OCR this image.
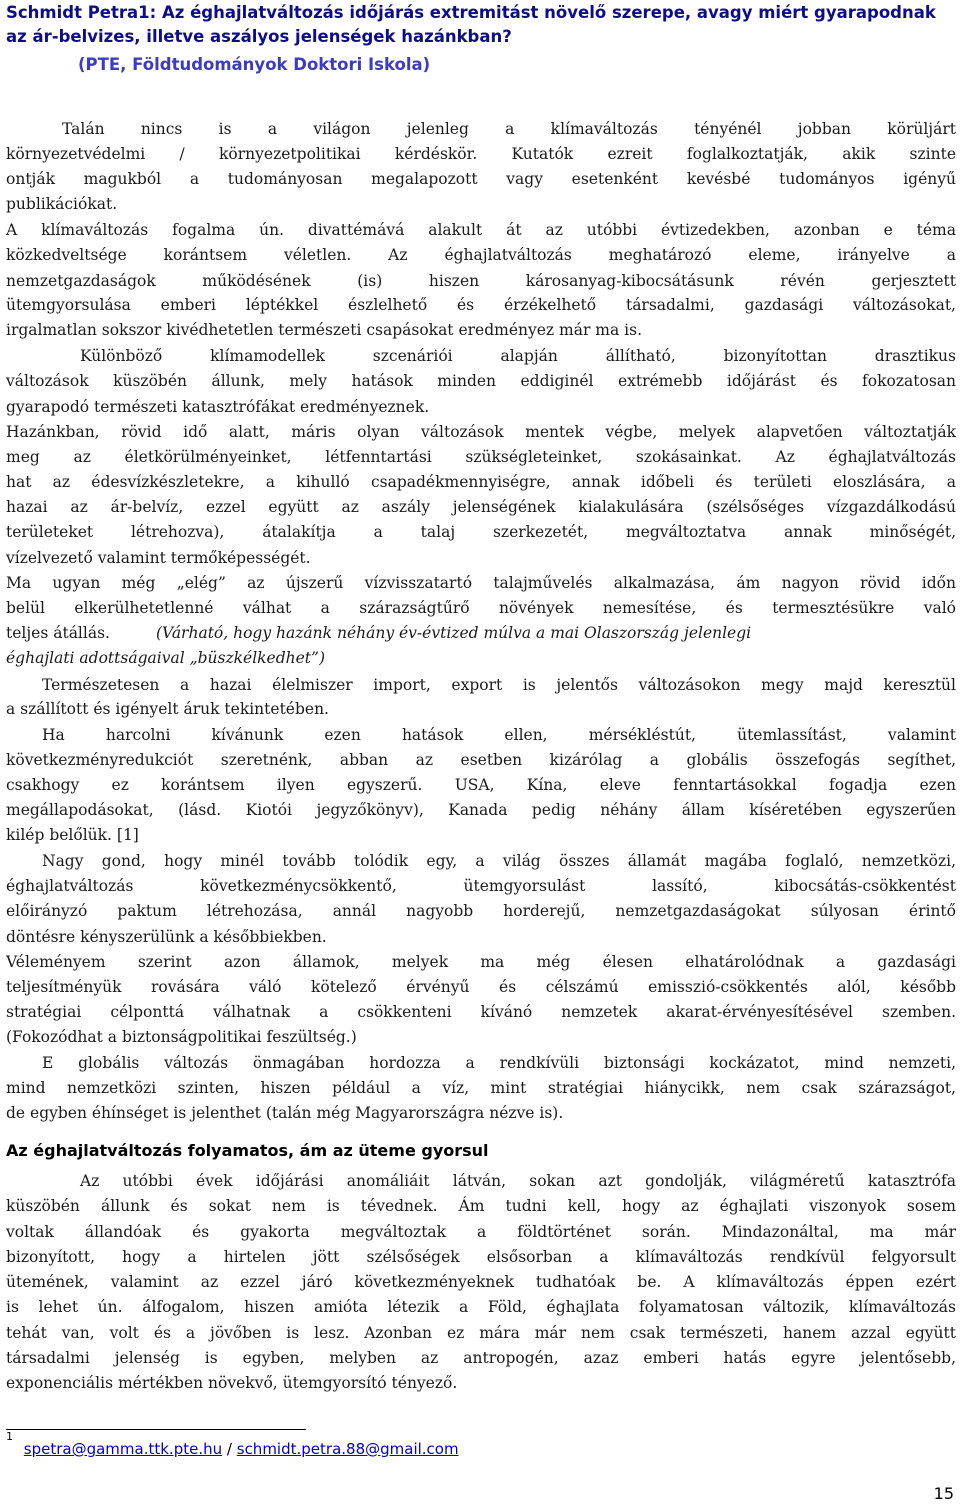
Schmidt Petra1: Az éghajlatváltozás időjárás extremitást növelő szerepe, avagy miért gyarapodnak
az ár-belvizes, illetve aszályos jelenségek hazánkban?
(PTE, Földtudományok Doktori Iskola)
Talán nincs is a világon jelenleg a klímaváltozás tényénél jobban körüljárt
környezetvédelmi / környezetpolitikai kérdéskör. Kutatók ezreit foglalkoztatják, akik szinte
ontják magukból a tudományosan megalapozott vagy esetenként kevésbé tudományos igényű
publikációkat.
A klímaváltozás fogalma ún. divattémává alakult át az utóbbi évtizedekben, azonban e téma
közkedveltsége korántsem véletlen. Az éghajlatváltozás meghatározó eleme, irányelve a
nemzetgazdaságok működésének (is) hiszen károsanyag-kibocsátásunk révén gerjesztett
ütemgyorsulása emberi léptékkel észlelhető és érzékelhető társadalmi, gazdasági változásokat,
irgalmatlan sokszor kivédhetetlen természeti csapásokat eredményez már ma is.
Különböző klímamodellek szcenáriói alapján állítható, bizonyítottan drasztikus
változások küszöbén állunk, mely hatások minden eddiginél extrémebb időjárást és fokozatosan
gyarapodó természeti katasztrófákat eredményeznek.
Hazánkban, rövid idő alatt, máris olyan változások mentek végbe, melyek alapvetően változtatják
meg az életkörülményeinket, létfenntartási szükségleteinket, szokásainkat. Az éghajlatváltozás
hat az édesvízkészletekre, a kihulló csapadékmennyiségre, annak időbeli és területi eloszlására, a
hazai az ár-belvíz, ezzel együtt az aszály jelenségének kialakulására (szélsőséges vízgazdálkodású
területeket létrehozva), átalakítja a talaj szerkezetét, megváltoztatva annak minőségét,
vízelvezető valamint termőképességét.
Ma ugyan még „elég” az újszerű vízvisszatartó talajművelés alkalmazása, ám nagyon rövid időn
belül elkerülhetetlenné válhat a szárazságtűrő növények nemesítése, és termesztésükre való
teljes átállás.	(Várható, hogy hazánk néhány év-évtized múlva a mai Olaszország jelenlegi
éghajlati adottságaival „büszkélkedhet”)
Természetesen a hazai élelmiszer import, export is jelentős változásokon megy majd keresztül
a szállított és igényelt áruk tekintetében.
Ha harcolni kívánunk ezen hatások ellen, mérsékléstút, ütemlassítást, valamint
következményredukciót szeretnénk, abban az esetben kizárólag a globális összefogás segíthet,
csakhogy ez korántsem ilyen egyszerű. USA, Kína, eleve fenntartásokkal fogadja ezen
megállapodásokat, (lásd. Kiotói jegyzőkönyv), Kanada pedig néhány állam kíséretében egyszerűen
kilép belőlük. [1]
Nagy gond, hogy minél tovább tolódik egy, a világ összes államát magába foglaló, nemzetközi,
éghajlatváltozás következménycsökkentő, ütemgyorsulást lassító, kibocsátás-csökkentést
előirányzó paktum létrehozása, annál nagyobb horderejű, nemzetgazdaságokat súlyosan érintő
döntésre kényszerülünk a későbbiekben.
Véleményem szerint azon államok, melyek ma még élesen elhatárolódnak a gazdasági
teljesítményük rovására váló kötelező érvényű és célszámú emisszió-csökkentés alól, később
stratégiai célponttá válhatnak a csökkenteni kívánó nemzetek akarat-érvényesítésével szemben.
(Fokozódhat a biztonságpolitikai feszültség.)
E globális változás önmagában hordozza a rendkívüli biztonsági kockázatot, mind nemzeti,
mind nemzetközi szinten, hiszen például a víz, mint stratégiai hiánycikk, nem csak szárazságot,
de egyben éhínséget is jelenthet (talán még Magyarországra nézve is).
Az éghajlatváltozás folyamatos, ám az üteme gyorsul
Az utóbbi évek időjárási anomáliáit látván, sokan azt gondolják, világméretű katasztrófa
küszöbén állunk és sokat nem is tévednek. Ám tudni kell, hogy az éghajlati viszonyok sosem
voltak állandóak és gyakorta megváltoztak a földtörténet során. Mindazonáltal, ma már
bizonyított, hogy a hirtelen jött szélsőségek elsősorban a klímaváltozás rendkívül felgyorsult
ütemének, valamint az ezzel járó következményeknek tudhatóak be. A klímaváltozás éppen ezért
is lehet ún. álfogalom, hiszen amióta létezik a Föld, éghajlata folyamatosan változik, klímaváltozás
tehát van, volt és a jövőben is lesz. Azonban ez mára már nem csak természeti, hanem azzal együtt
társadalmi jelenség is egyben, melyben az antropogén, azaz emberi hatás egyre jelentősebb,
exponenciális mértékben növekvő, ütemgyorsító tényező.
$^1$ spetra@gamma.ttk.pte.hu / schmidt.petra.88@gmail.com
15
